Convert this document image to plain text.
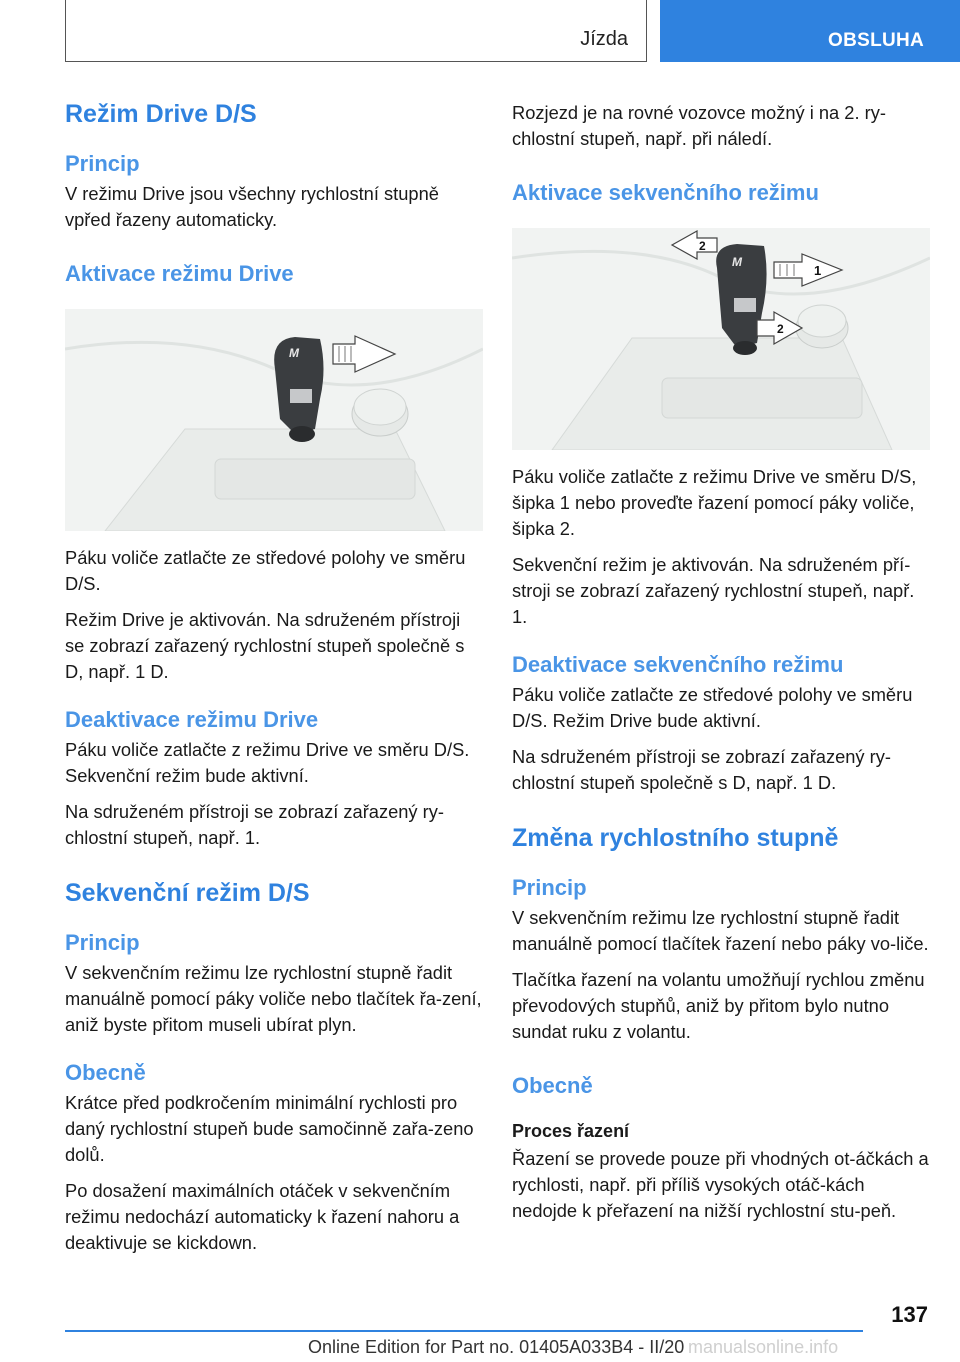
Jízda	OBSLUHA
Režim Drive D/S
Princip

V režimu Drive jsou všechny rychlostní stupně vpřed řazeny automaticky.

Aktivace režimu Drive
M

Páku voliče zatlačte ze středové polohy ve směru D/S.

Režim Drive je aktivován. Na sdruženém přístroji se zobrazí zařazený rychlostní stupeň společně s D, např. 1 D.

Deaktivace režimu Drive

Páku voliče zatlačte z režimu Drive ve směru D/S. Sekvenční režim bude aktivní.

Na sdruženém přístroji se zobrazí zařazený ry-chlostní stupeň, např. 1.

Sekvenční režim D/S
Princip

V sekvenčním režimu lze rychlostní stupně řadit manuálně pomocí páky voliče nebo tlačítek řa-zení, aniž byste přitom museli ubírat plyn.

Obecně

Krátce před podkročením minimální rychlosti pro daný rychlostní stupeň bude samočinně zařa-zeno dolů.

Po dosažení maximálních otáček v sekvenčním režimu nedochází automaticky k řazení nahoru a deaktivuje se kickdown.

Rozjezd je na rovné vozovce možný i na 2. ry-chlostní stupeň, např. při náledí.

Aktivace sekvenčního režimu
M
1
2
2

Páku voliče zatlačte z režimu Drive ve směru D/S, šipka 1 nebo proveďte řazení pomocí páky voliče, šipka 2.

Sekvenční režim je aktivován. Na sdruženém pří-stroji se zobrazí zařazený rychlostní stupeň, např. 1.

Deaktivace sekvenčního režimu

Páku voliče zatlačte ze středové polohy ve směru D/S. Režim Drive bude aktivní.

Na sdruženém přístroji se zobrazí zařazený ry-chlostní stupeň společně s D, např. 1 D.

Změna rychlostního stupně
Princip

V sekvenčním režimu lze rychlostní stupně řadit manuálně pomocí tlačítek řazení nebo páky vo-liče.

Tlačítka řazení na volantu umožňují rychlou změnu převodových stupňů, aniž by přitom bylo nutno sundat ruku z volantu.

Obecně
Proces řazení

Řazení se provede pouze při vhodných ot-áčkách a rychlosti, např. při příliš vysokých otáč-kách nedojde k přeřazení na nižší rychlostní stu-peň.

137
Online Edition for Part no. 01405A033B4 - II/20 manualsonline.info
